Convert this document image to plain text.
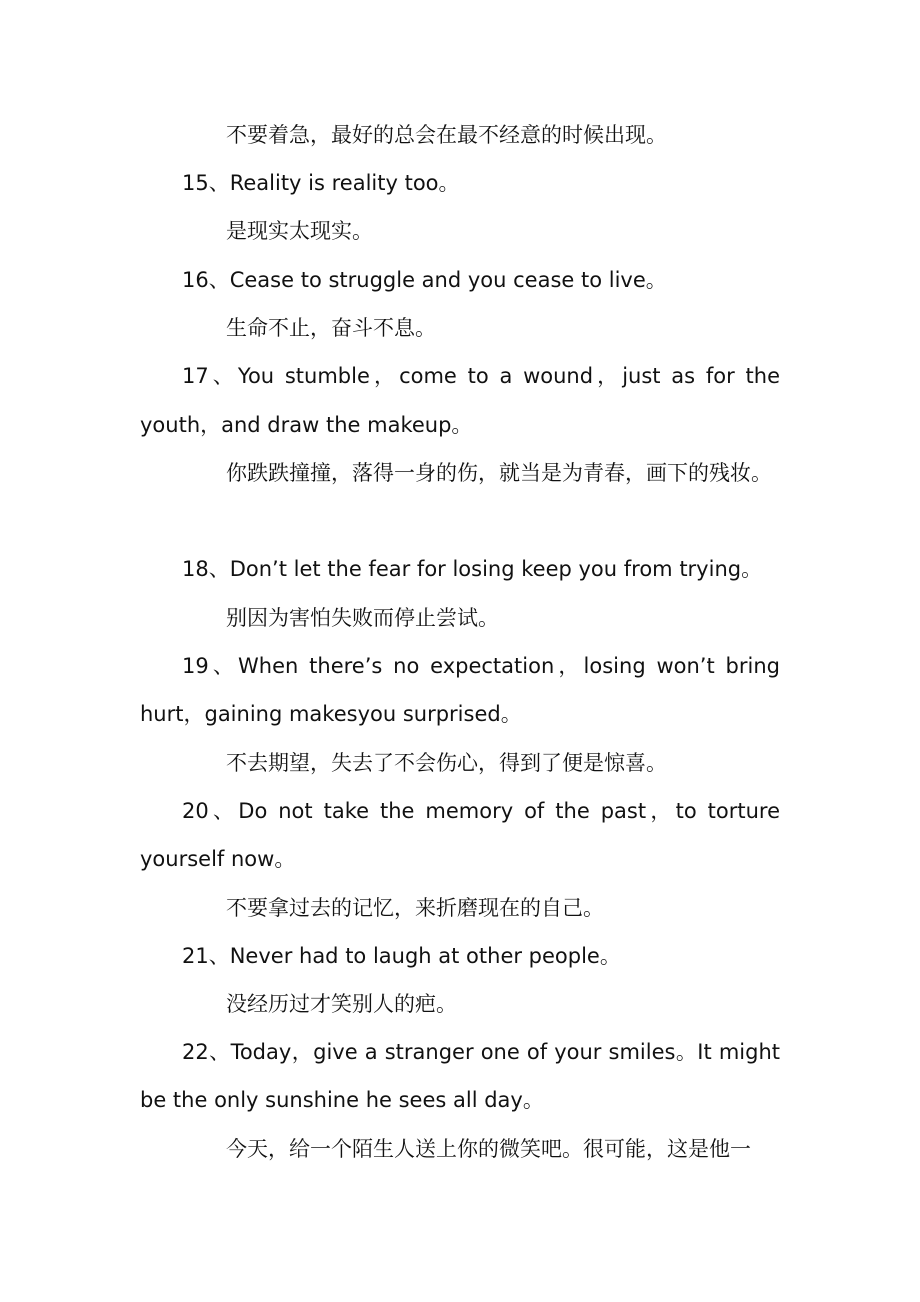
不要着急，最好的总会在最不经意的时候出现。
15、Reality is reality too。
是现实太现实。
16、Cease to struggle and you cease to live。
生命不止，奋斗不息。
17、You stumble，come to a wound，just as for the
youth，and draw the makeup。
你跌跌撞撞，落得一身的伤，就当是为青春，画下的残妆。
18、Don’t let the fear for losing keep you from trying。
别因为害怕失败而停止尝试。
19、When there’s no expectation，losing won’t bring
hurt，gaining makesyou surprised。
不去期望，失去了不会伤心，得到了便是惊喜。
20、Do not take the memory of the past，to torture
yourself now。
不要拿过去的记忆，来折磨现在的自己。
21、Never had to laugh at other people。
没经历过才笑别人的疤。
22、Today，give a stranger one of your smiles。It might
be the only sunshine he sees all day。
今天，给一个陌生人送上你的微笑吧。很可能，这是他一
